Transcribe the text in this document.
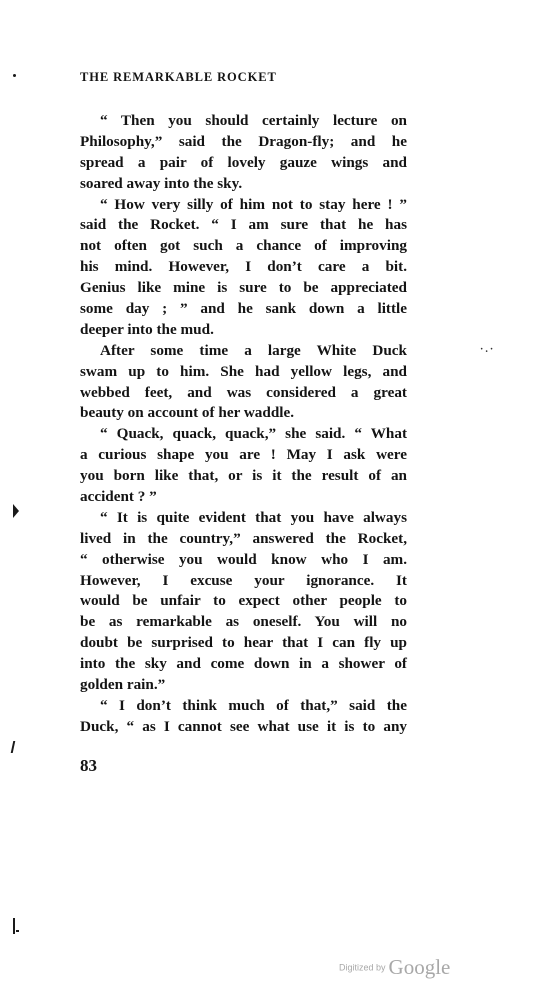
THE REMARKABLE ROCKET
“ Then you should certainly lecture on
Philosophy,” said the Dragon-fly; and he
spread a pair of lovely gauze wings and
soared away into the sky.
“ How very silly of him not to stay here ! ”
said the Rocket. “ I am sure that he has
not often got such a chance of improving
his mind. However, I don’t care a bit.
Genius like mine is sure to be appreciated
some day ; ” and he sank down a little
deeper into the mud.
After some time a large White Duck
swam up to him. She had yellow legs, and
webbed feet, and was considered a great
beauty on account of her waddle.
“ Quack, quack, quack,” she said. “ What
a curious shape you are ! May I ask were
you born like that, or is it the result of an
accident ? ”
“ It is quite evident that you have always
lived in the country,” answered the Rocket,
“ otherwise you would know who I am.
However, I excuse your ignorance. It
would be unfair to expect other people to
be as remarkable as oneself. You will no
doubt be surprised to hear that I can fly up
into the sky and come down in a shower of
golden rain.”
“ I don’t think much of that,” said the
Duck, “ as I cannot see what use it is to any
83
·.·
Digitized by Google
